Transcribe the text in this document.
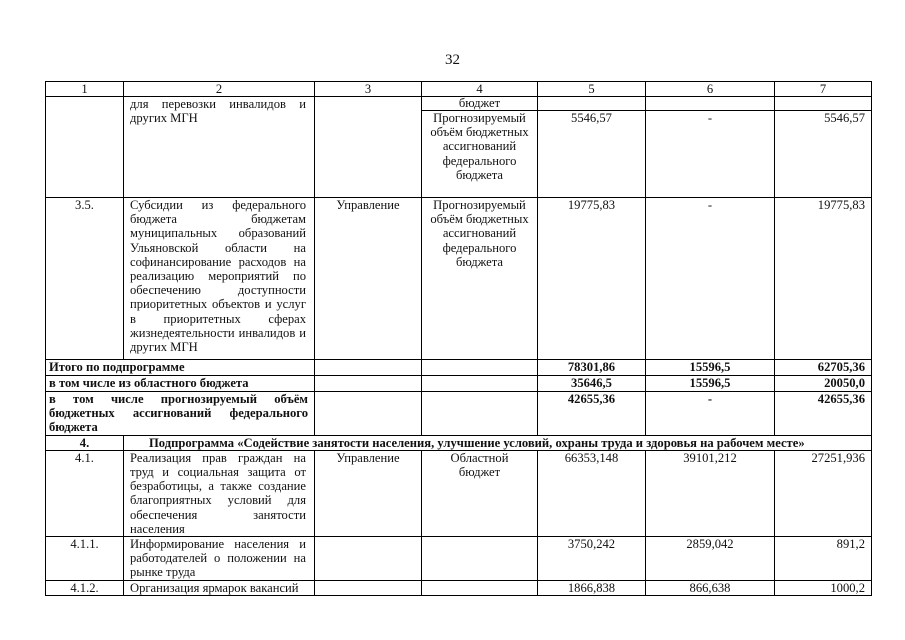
32
1	2	3	4	5	6	7
	для перевозки инвалидов и других МГН		бюджет			
			Прогнозируемый объём бюджетных ассигнований федерального бюджета	5546,57	-	5546,57
3.5.	Субсидии из федерального бюджета бюджетам муниципальных образований Ульяновской области на софинансирование расходов на реализацию мероприятий по обеспечению доступности приоритетных объектов и услуг в приоритетных сферах жизнедеятельности инвалидов и других МГН	Управление	Прогнозируемый объём бюджетных ассигнований федерального бюджета	19775,83	-	19775,83
Итого по подпрограмме				78301,86	15596,5	62705,36
в том числе из областного бюджета				35646,5	15596,5	20050,0
в том числе прогнозируемый объём бюджетных ассигнований федерального бюджета				42655,36	-	42655,36
4.	Подпрограмма «Содействие занятости населения, улучшение условий, охраны труда и здоровья на рабочем месте»					
4.1.	Реализация прав граждан на труд и социальная защита от безработицы, а также создание благоприятных условий для обеспечения занятости населения	Управление	Областной бюджет	66353,148	39101,212	27251,936
4.1.1.	Информирование населения и работодателей о положении на рынке труда			3750,242	2859,042	891,2
4.1.2.	Организация ярмарок вакансий			1866,838	866,638	1000,2
